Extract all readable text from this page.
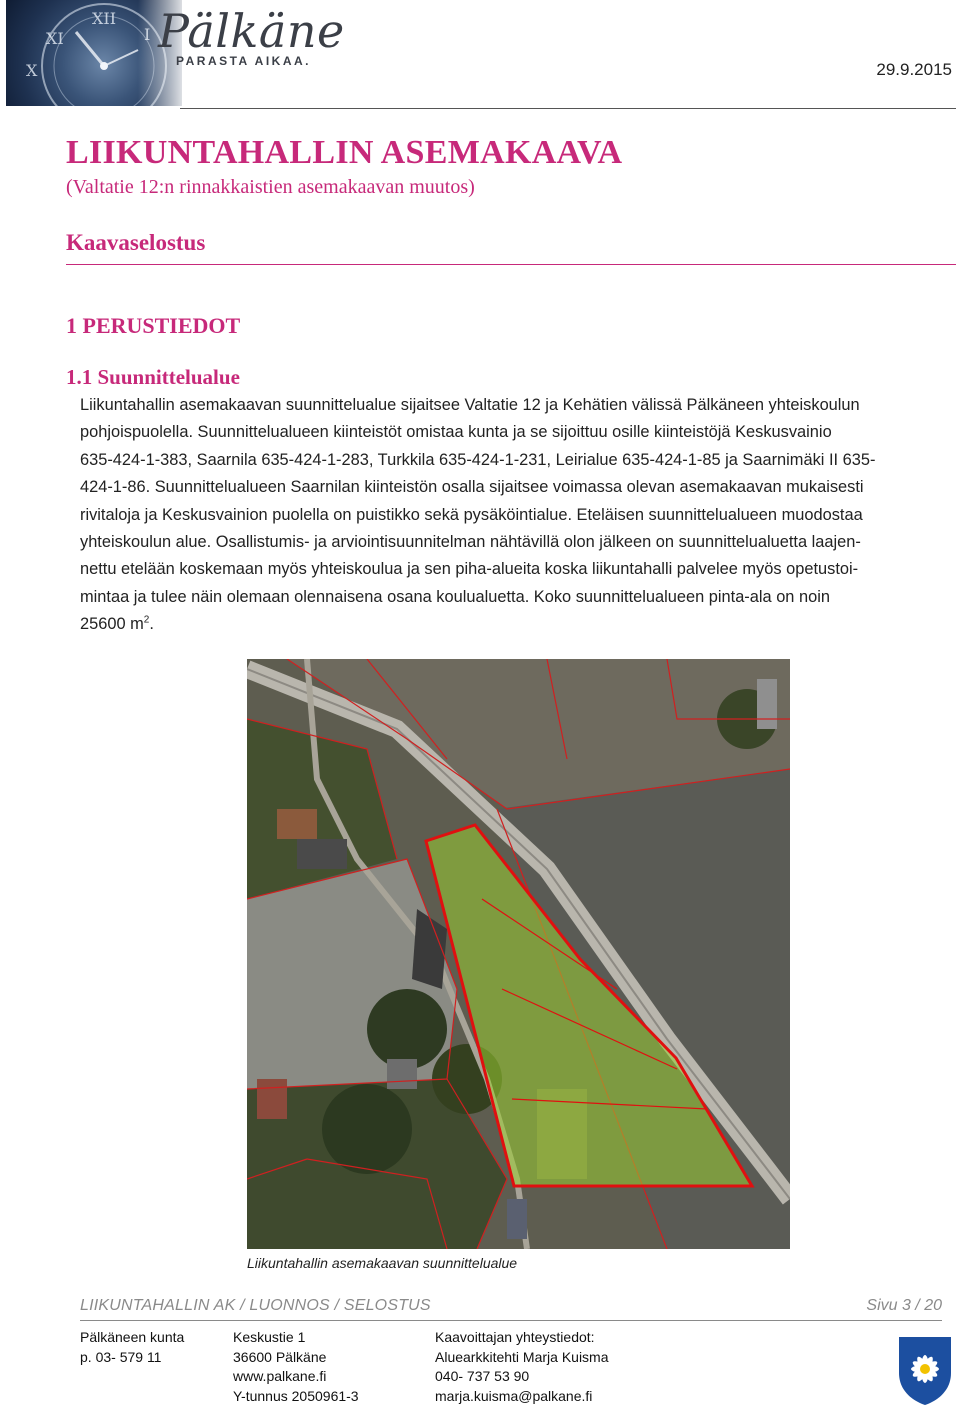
Pälkäne
PARASTA AIKAA.	29.9.2015
LIIKUNTAHALLIN ASEMAKAAVA
(Valtatie 12:n rinnakkaistien asemakaavan muutos)
Kaavaselostus
1 PERUSTIEDOT
1.1 Suunnittelualue
Liikuntahallin asemakaavan suunnittelualue sijaitsee Valtatie 12 ja Kehätien välissä Pälkäneen yhteiskoulun
pohjoispuolella. Suunnittelualueen kiinteistöt omistaa kunta ja se sijoittuu osille kiinteistöjä Keskusvainio
635-424-1-383, Saarnila 635-424-1-283, Turkkila 635-424-1-231, Leirialue 635-424-1-85 ja Saarnimäki II 635-
424-1-86. Suunnittelualueen Saarnilan kiinteistön osalla sijaitsee voimassa olevan asemakaavan mukaisesti
rivitaloja ja Keskusvainion puolella on puistikko sekä pysäköintialue. Eteläisen suunnittelualueen muodostaa
yhteiskoulun alue. Osallistumis- ja arviointisuunnitelman nähtävillä olon jälkeen on suunnittelualuetta laajen-
nettu etelään koskemaan myös yhteiskoulua ja sen piha-alueita koska liikuntahalli palvelee myös opetustoi-
mintaa ja tulee näin olemaan olennaisena osana koulualuetta. Koko suunnittelualueen pinta-ala on noin
25600 $m^2$.
Liikuntahallin asemakaavan suunnittelualue
LIIKUNTAHALLIN AK / LUONNOS / SELOSTUS	Sivu 3 / 20
Pälkäneen kunta
p. 03- 579 11
Keskustie 1
36600 Pälkäne
www.palkane.fi
Y-tunnus 2050961-3
Kaavoittajan yhteystiedot:
Aluearkkitehti Marja Kuisma
040- 737 53 90
marja.kuisma@palkane.fi
